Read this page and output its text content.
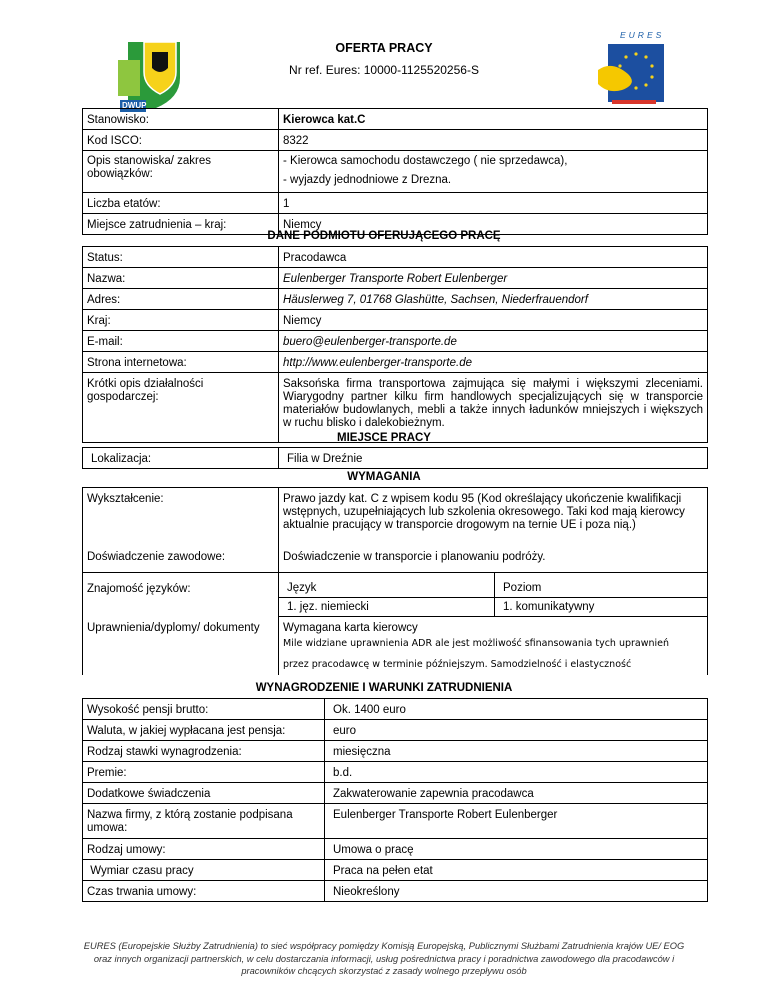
DWUP
OFERTA PRACY
Nr ref. Eures: 10000-1125520256-S
EURES
Stanowisko:	Kierowca kat.C
Kod ISCO:	8322
Opis stanowiska/ zakres obowiązków:	- Kierowca samochodu dostawczego ( nie sprzedawca),
- wyjazdy jednodniowe z Drezna.

Liczba etatów:	1
Miejsce zatrudnienia – kraj:	Niemcy
DANE PODMIOTU OFERUJĄCEGO PRACĘ
Status:	Pracodawca
Nazwa:	Eulenberger Transporte Robert Eulenberger
Adres:	Häuslerweg 7, 01768 Glashütte, Sachsen, Niederfrauendorf
Kraj:	Niemcy
E-mail:	buero@eulenberger-transporte.de
Strona internetowa:	http://www.eulenberger-transporte.de
Krótki opis działalności gospodarczej:	Saksońska firma transportowa zajmująca się małymi i większymi zleceniami. Wiarygodny partner kilku firm handlowych specjalizujących się w transporcie materiałów budowlanych, mebli a także innych ładunków mniejszych i większych w ruchu blisko i dalekobieżnym.
MIEJSCE PRACY
Lokalizacja:	Filia w Dreźnie
WYMAGANIA
Wykształcenie:	Prawo jazdy kat. C z wpisem kodu 95 (Kod określający ukończenie kwalifikacji wstępnych, uzupełniających lub szkolenia okresowego. Taki kod mają kierowcy aktualnie pracujący w transporcie drogowym na ternie UE i poza nią.)	
Doświadczenie zawodowe:	Doświadczenie w transporcie i planowaniu podróży.	
Znajomość języków:	Język	Poziom
	1. jęz. niemiecki	1. komunikatywny
Uprawnienia/dyplomy/ dokumenty	Wymagana karta kierowcy
Mile widziane uprawnienia ADR ale jest możliwość sfinansowania tych uprawnień
przez pracodawcę w terminie późniejszym. Samodzielność i elastyczność	
WYNAGRODZENIE I WARUNKI ZATRUDNIENIA
Wysokość pensji brutto:	Ok. 1400 euro
Waluta, w jakiej wypłacana jest pensja:	euro
Rodzaj stawki wynagrodzenia:	miesięczna
Premie:	b.d.
Dodatkowe świadczenia	Zakwaterowanie zapewnia pracodawca
Nazwa firmy, z którą zostanie podpisana umowa:	Eulenberger Transporte Robert Eulenberger
Rodzaj umowy:	Umowa o pracę
Wymiar czasu pracy	Praca na pełen etat
Czas trwania umowy:	Nieokreślony
EURES (Europejskie Służby Zatrudnienia) to sieć współpracy pomiędzy Komisją Europejską, Publicznymi Służbami Zatrudnienia krajów UE/ EOG
oraz innych organizacji partnerskich, w celu dostarczania informacji, usług pośrednictwa pracy i poradnictwa zawodowego dla pracodawców i
pracowników chcących skorzystać z zasady wolnego przepływu osób
